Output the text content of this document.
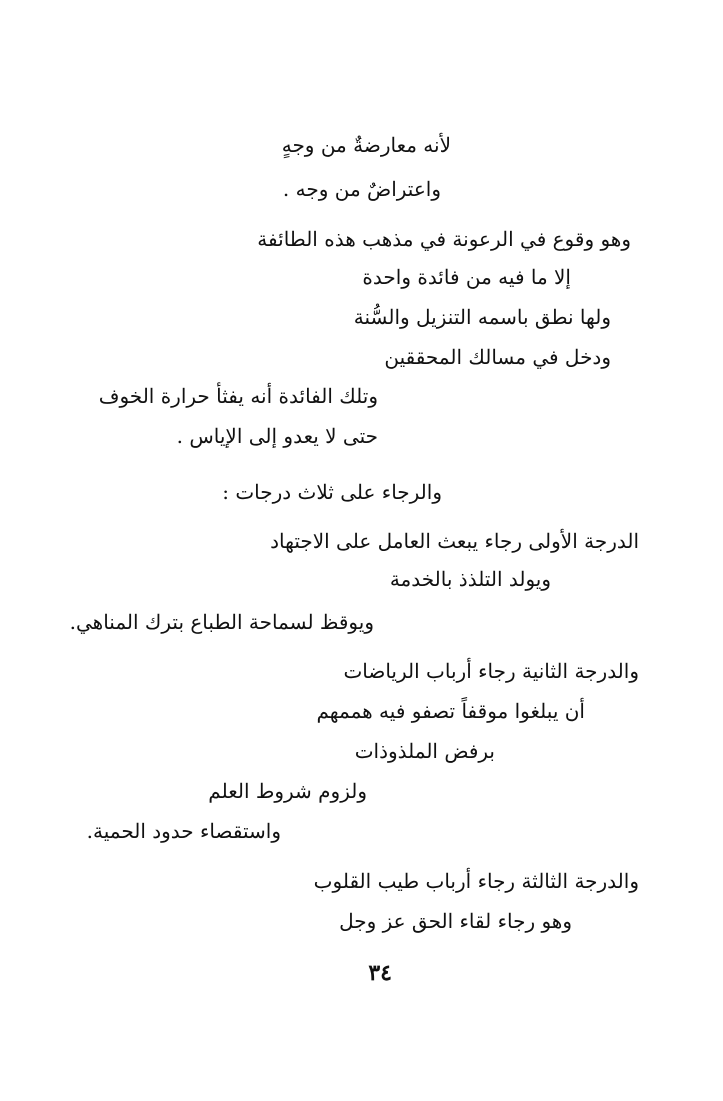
لأنه معارضةٌ من وجهٍ
واعتراضٌ من وجه .
وهو وقوع في الرعونة في مذهب هذه الطائفة
إلا ما فيه من فائدة واحدة
ولها نطق باسمه التنزيل والسُّنة
ودخل في مسالك المحققين
وتلك الفائدة أنه يفثأ حرارة الخوف
حتى لا يعدو إلى الإياس .
والرجاء على ثلاث درجات :
الدرجة الأولى رجاء يبعث العامل على الاجتهاد
ويولد التلذذ بالخدمة
ويوقظ لسماحة الطباع بترك المناهي.
والدرجة الثانية رجاء أرباب الرياضات
أن يبلغوا موقفاً تصفو فيه هممهم
برفض الملذوذات
ولزوم شروط العلم
واستقصاء حدود الحمية.
والدرجة الثالثة رجاء أرباب طيب القلوب
وهو رجاء لقاء الحق عز وجل
٣٤
